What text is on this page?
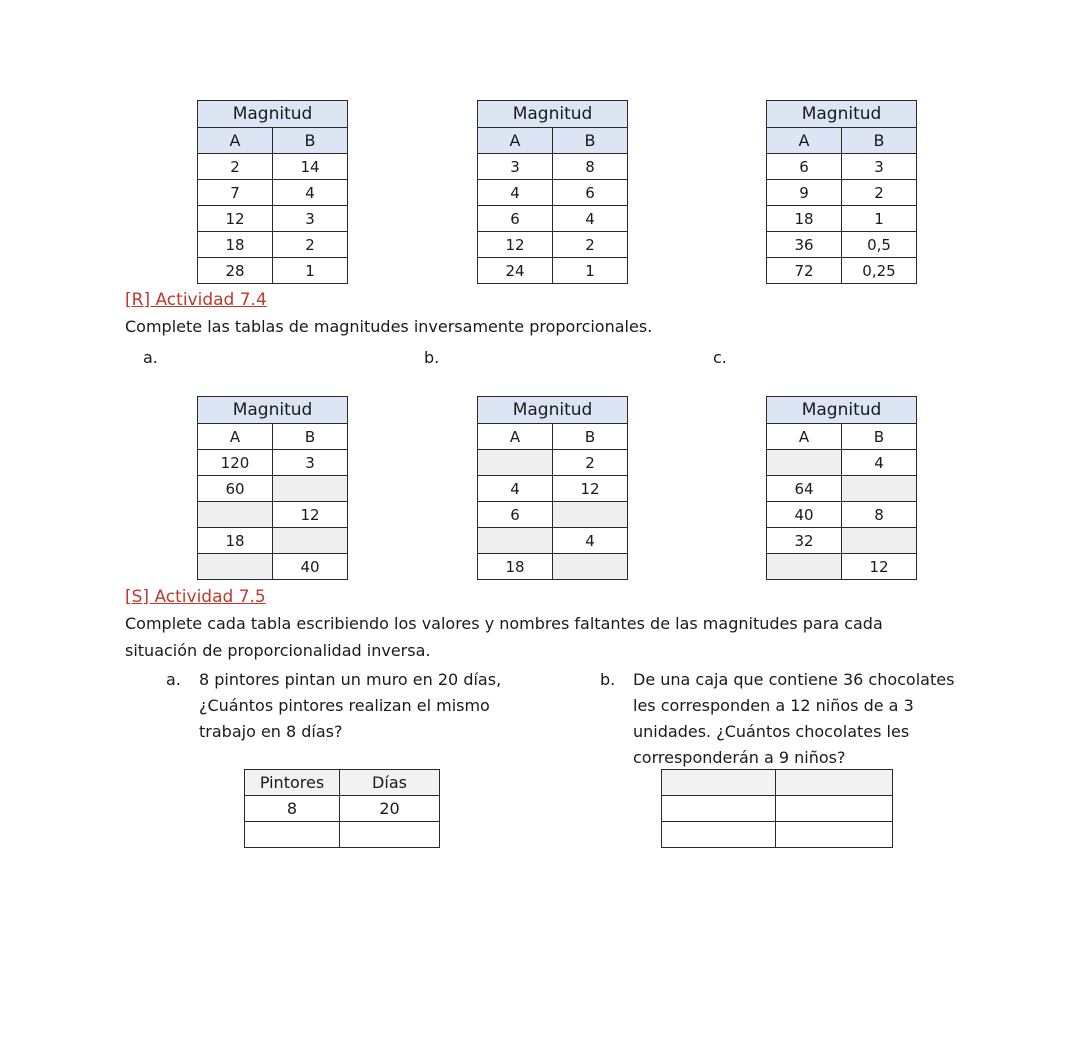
Magnitud	
A	B
2	14
7	4
12	3
18	2
28	1
Magnitud	
A	B
3	8
4	6
6	4
12	2
24	1
Magnitud	
A	B
6	3
9	2
18	1
36	0,5
72	0,25
[R] Actividad 7.4
Complete las tablas de magnitudes inversamente proporcionales.
a.	b.	c.
Magnitud	
A	B
120	3
60	
	12
18	
	40
Magnitud	
A	B
	2
4	12
6	
	4
18	
Magnitud	
A	B
	4
64	
40	8
32	
	12
[S] Actividad 7.5
Complete cada tabla escribiendo los valores y nombres faltantes de las magnitudes para cada
situación de proporcionalidad inversa.
a. 8 pintores pintan un muro en 20 días,
¿Cuántos pintores realizan el mismo
trabajo en 8 días?
Pintores	Días
8	20

b. De una caja que contiene 36 chocolates
les corresponden a 12 niños de a 3
unidades. ¿Cuántos chocolates les
corresponderán a 9 niños?
